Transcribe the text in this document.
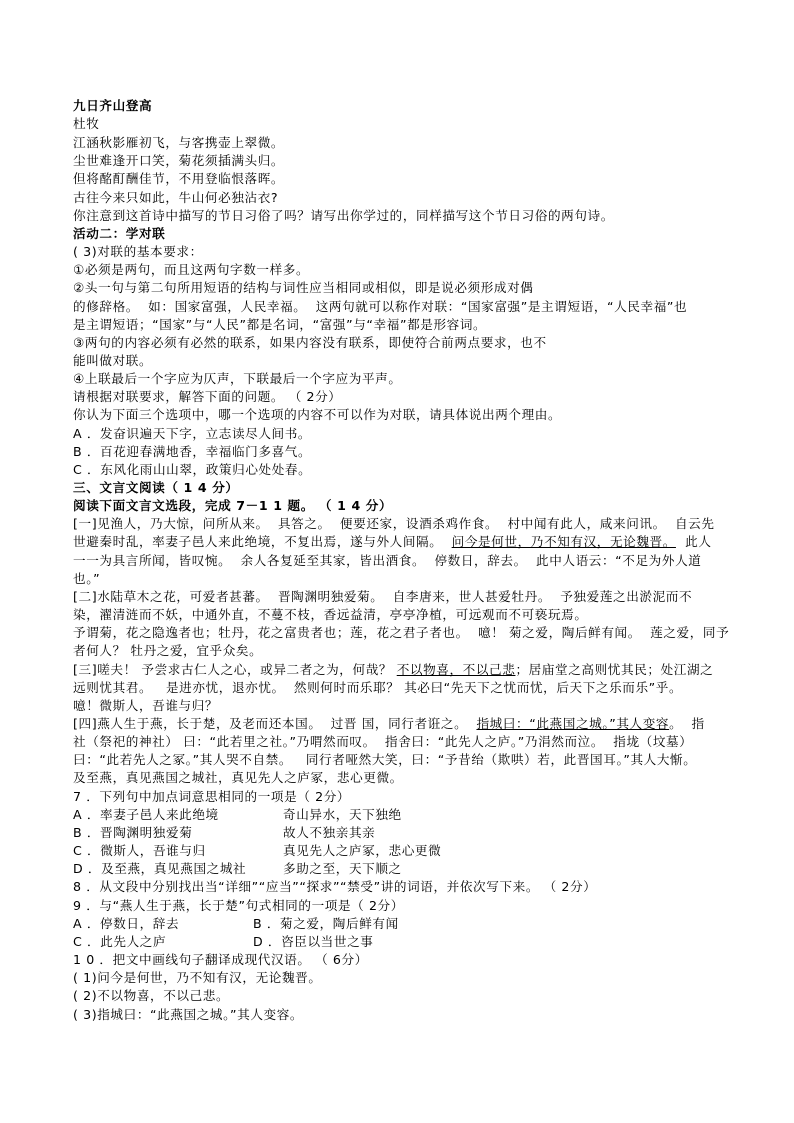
九日齐山登高
杜牧
江涵秋影雁初飞，与客携壶上翠微。
尘世难逢开口笑，菊花须插满头归。
但将酩酊酬佳节，不用登临恨落晖。
古往今来只如此，牛山何必独沾衣?
你注意到这首诗中描写的节日习俗了吗？请写出你学过的，同样描写这个节日习俗的两句诗。
活动二：学对联
( 3)对联的基本要求：
①必须是两句，而且这两句字数一样多。
②头一句与第二句所用短语的结构与词性应当相同或相似，即是说必须形成对偶
的修辞格。  如：国家富强，人民幸福。  这两句就可以称作对联：“国家富强”是主谓短语，“人民幸福”也
是主谓短语；“国家”与“人民”都是名词，“富强”与“幸福”都是形容词。
③两句的内容必须有必然的联系，如果内容没有联系，即使符合前两点要求，也不
能叫做对联。
④上联最后一个字应为仄声，下联最后一个字应为平声。
请根据对联要求，解答下面的问题。 （ 2分）
你认为下面三个选项中，哪一个选项的内容不可以作为对联，请具体说出两个理由。
A ．发奋识遍天下字，立志读尽人间书。
B ．百花迎春满地香，幸福临门多喜气。
C ．东风化雨山山翠，政策归心处处春。
三、文言文阅读（ 1 4 分）
阅读下面文言文选段，完成 7－1 1 题。 （ 1 4 分）
[一]见渔人，乃大惊，问所从来。  具答之。  便要还家，设酒杀鸡作食。  村中闻有此人，咸来问讯。  自云先
世避秦时乱，率妻子邑人来此绝境，不复出焉，遂与外人间隔。  问今是何世，乃不知有汉，无论魏晋。  此人
一一为具言所闻，皆叹惋。  余人各复延至其家，皆出酒食。  停数日，辞去。  此中人语云：“不足为外人道
也。”
[二]水陆草木之花，可爱者甚蕃。  晋陶渊明独爱菊。  自李唐来，世人甚爱牡丹。  予独爱莲之出淤泥而不
染，濯清涟而不妖，中通外直，不蔓不枝，香远益清，亭亭净植，可远观而不可亵玩焉。
予谓菊，花之隐逸者也；牡丹，花之富贵者也；莲，花之君子者也。  噫！ 菊之爱，陶后鲜有闻。  莲之爱，同予
者何人？ 牡丹之爱，宜乎众矣。
[三]嗟夫！ 予尝求古仁人之心，或异二者之为，何哉？ 不以物喜，不以己悲；居庙堂之高则忧其民；处江湖之
远则忧其君。   是进亦忧，退亦忧。  然则何时而乐耶？ 其必曰“先天下之忧而忧，后天下之乐而乐”乎。
噫！微斯人，吾谁与归？
[四]燕人生于燕，长于楚，及老而还本国。  过晋 国，同行者诳之。  指城曰：“此燕国之城。”其人变容。  指
社（祭祀的神社） 曰：“此若里之社。”乃喟然而叹。  指舍曰：“此先人之庐。”乃涓然而泣。  指垅（坟墓）
曰：“此若先人之冢。”其人哭不自禁。   同行者哑然大笑，曰：“予昔绐（欺哄）若，此晋国耳。”其人大惭。
及至燕，真见燕国之城社，真见先人之庐冢，悲心更微。
7 ．下列句中加点词意思相同的一项是（ 2分）
A ．率妻子邑人来此绝境	奇山异水，天下独绝
B ．晋陶渊明独爱菊	故人不独亲其亲
C ．微斯人，吾谁与归	真见先人之庐冢，悲心更微
D ．及至燕，真见燕国之城社	多助之至，天下顺之
8 ．从文段中分别找出当“详细”“应当”“探求”“禁受”讲的词语，并依次写下来。 （ 2分）
9 ．与“燕人生于燕，长于楚”句式相同的一项是（ 2分）
A ．停数日，辞去	B ．菊之爱，陶后鲜有闻
C ．此先人之庐	D ．咨臣以当世之事
1 0 ．把文中画线句子翻译成现代汉语。 （ 6分）
( 1)问今是何世，乃不知有汉，无论魏晋。
( 2)不以物喜，不以己悲。
( 3)指城曰：“此燕国之城。”其人变容。
